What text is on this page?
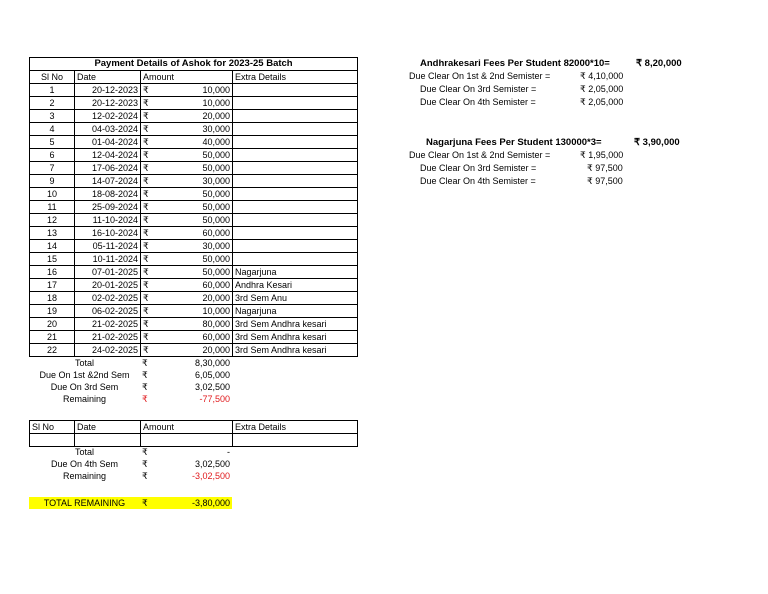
Payment Details of Ashok for 2023-25 Batch			
Sl No	Date	Amount	Extra Details
1	20-12-2023	₹ 10,000	

2	20-12-2023	₹ 10,000	

3	12-02-2024	₹ 20,000	

4	04-03-2024	₹ 30,000	

5	01-04-2024	₹ 40,000	

6	12-04-2024	₹ 50,000	

7	17-06-2024	₹ 50,000	

9	14-07-2024	₹ 30,000	

10	18-08-2024	₹ 50,000	

11	25-09-2024	₹ 50,000	

12	11-10-2024	₹ 50,000	

13	16-10-2024	₹ 60,000	

14	05-11-2024	₹ 30,000	

15	10-11-2024	₹ 50,000	

16	07-01-2025	₹ 50,000	Nagarjuna
17	20-01-2025	₹ 60,000	Andhra Kesari
18	02-02-2025	₹ 20,000	3rd Sem Anu
19	06-02-2025	₹ 10,000	Nagarjuna
20	21-02-2025	₹ 80,000	3rd Sem Andhra kesari
21	21-02-2025	₹ 60,000	3rd Sem Andhra kesari
22	24-02-2025	₹ 20,000	3rd Sem Andhra kesari
Total	₹ 8,30,000	

Due On 1st &2nd Sem	₹ 6,05,000	

Due On 3rd Sem	₹ 3,02,500	

Remaining	₹ -77,500	

Sl No	Date	Amount	Extra Details

Total	₹ -	

Due On 4th Sem	₹ 3,02,500	

Remaining	₹ -3,02,500	

TOTAL REMAINING	₹	-3,80,000
Andhrakesari Fees Per Student 82000*10=	₹ 8,20,000
Due Clear On 1st & 2nd Semister =	₹ 4,10,000
Due Clear On 3rd Semister =	₹ 2,05,000
Due Clear On 4th Semister =	₹ 2,05,000
Nagarjuna Fees Per Student 130000*3=	₹ 3,90,000
Due Clear On 1st & 2nd Semister =	₹ 1,95,000
Due Clear On 3rd Semister =	₹ 97,500
Due Clear On 4th Semister =	₹ 97,500
